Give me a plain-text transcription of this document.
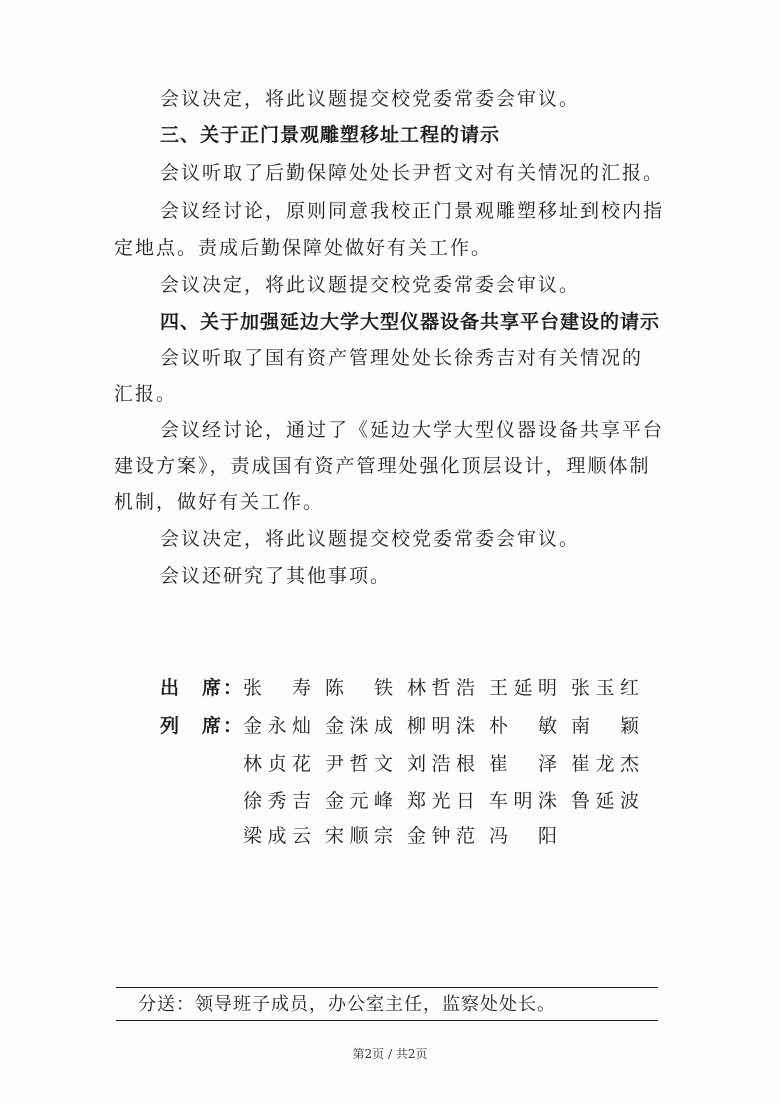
会议决定，将此议题提交校党委常委会审议。
三、关于正门景观雕塑移址工程的请示
会议听取了后勤保障处处长尹哲文对有关情况的汇报。
会议经讨论，原则同意我校正门景观雕塑移址到校内指
定地点。责成后勤保障处做好有关工作。
会议决定，将此议题提交校党委常委会审议。
四、关于加强延边大学大型仪器设备共享平台建设的请示
会议听取了国有资产管理处处长徐秀吉对有关情况的
汇报。
会议经讨论，通过了《延边大学大型仪器设备共享平台
建设方案》，责成国有资产管理处强化顶层设计，理顺体制
机制，做好有关工作。
会议决定，将此议题提交校党委常委会审议。
会议还研究了其他事项。
出　席：
张　寿 陈　铁 林哲浩 王延明 张玉红
列　席：
金永灿 金洙成 柳明洙 朴　敏 南　颖
林贞花 尹哲文 刘浩根 崔　泽 崔龙杰
徐秀吉 金元峰 郑光日 车明洙 鲁延波
梁成云 宋顺宗 金钟范 冯　阳
分送：领导班子成员，办公室主任，监察处处长。
第2页 / 共2页
